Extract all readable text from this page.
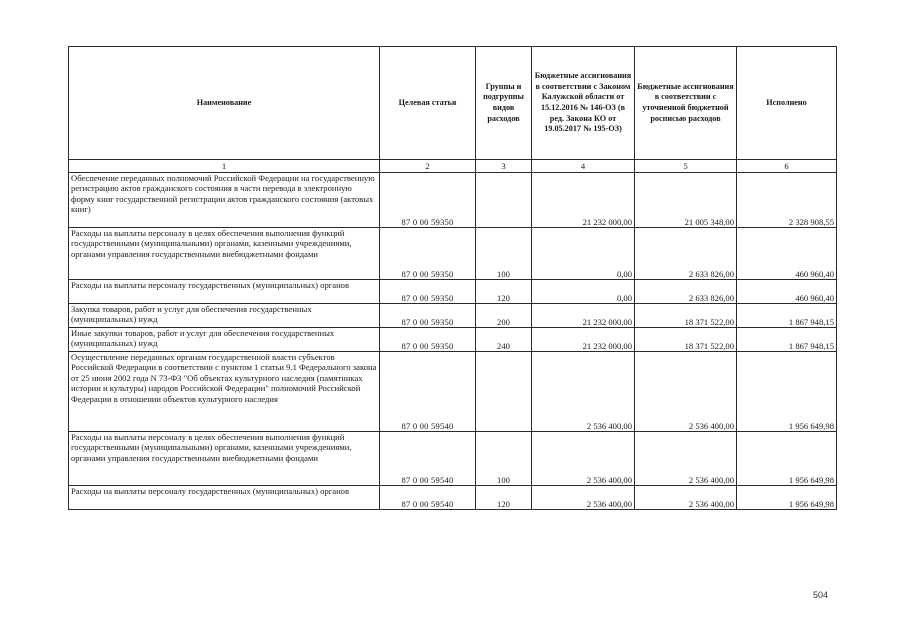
Наименование	Целевая статья	Группы и подгруппы видов расходов	Бюджетные ассигнования в соответствии с Законом Калужской области от 15.12.2016 № 146-ОЗ (в ред. Закона КО от 19.05.2017 № 195-ОЗ)	Бюджетные ассигнования в соответствии с уточненной бюджетной росписью расходов	Исполнено
1	2	3	4	5	6
Обеспечение переданных полномочий Российской Федерации на государственную регистрацию актов гражданского состояния в части перевода в электронную форму книг государственной регистрации актов гражданского состояния (актовых книг)	87 0 00 59350		21 232 000,00	21 005 348,00	2 328 908,55
Расходы на выплаты персоналу в целях обеспечения выполнения функций государственными (муниципальными) органами, казенными учреждениями, органами управления государственными внебюджетными фондами	87 0 00 59350	100	0,00	2 633 826,00	460 960,40
Расходы на выплаты персоналу государственных (муниципальных) органов	87 0 00 59350	120	0,00	2 633 826,00	460 960,40
Закупка товаров, работ и услуг для обеспечения государственных (муниципальных) нужд	87 0 00 59350	200	21 232 000,00	18 371 522,00	1 867 948,15
Иные закупки товаров, работ и услуг для обеспечения государственных (муниципальных) нужд	87 0 00 59350	240	21 232 000,00	18 371 522,00	1 867 948,15
Осуществление переданных органам государственной власти субъектов Российской Федерации в соответствии с пунктом 1 статьи 9.1 Федерального закона от 25 июня 2002 года N 73-ФЗ "Об объектах культурного наследия (памятниках истории и культуры) народов Российской Федерации" полномочий Российской Федерации в отношении объектов культурного наследия	87 0 00 59540		2 536 400,00	2 536 400,00	1 956 649,98
Расходы на выплаты персоналу в целях обеспечения выполнения функций государственными (муниципальными) органами, казенными учреждениями, органами управления государственными внебюджетными фондами	87 0 00 59540	100	2 536 400,00	2 536 400,00	1 956 649,98
Расходы на выплаты персоналу государственных (муниципальных) органов	87 0 00 59540	120	2 536 400,00	2 536 400,00	1 956 649,98
504
